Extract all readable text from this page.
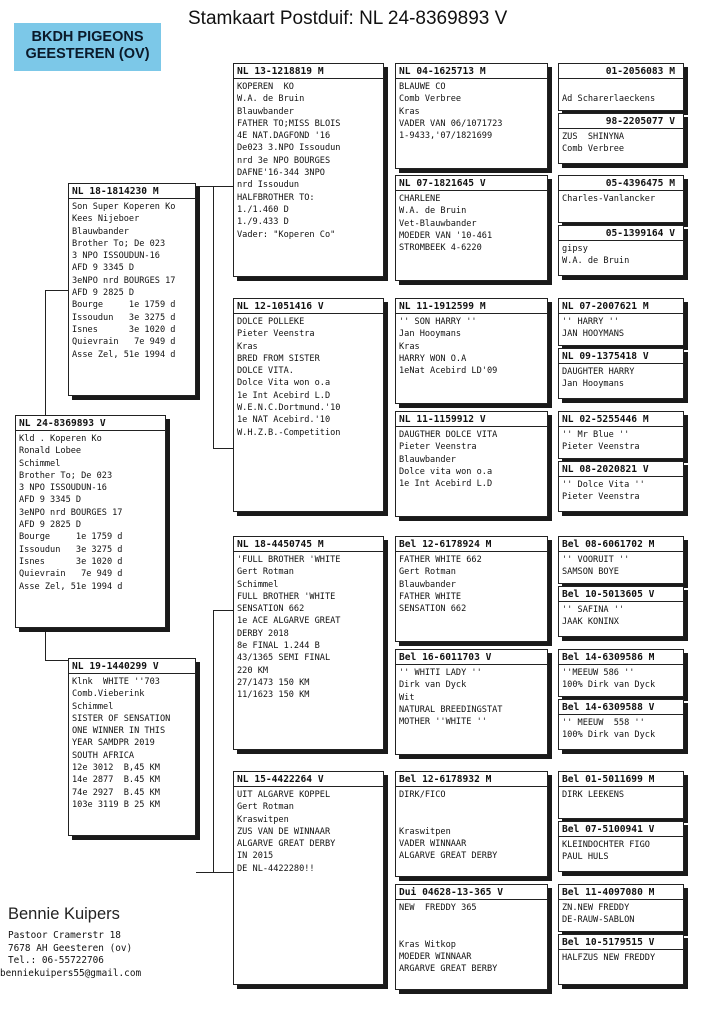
Stamkaart Postduif: NL 24-8369893 V
BKDH PIGEONS
GEESTEREN (OV)
NL 24-8369893 V
Kld . Koperen Ko
Ronald Lobee
Schimmel
Brother To; De 023
3 NPO ISSOUDUN-16
AFD 9 3345 D
3eNPO nrd BOURGES 17
AFD 9 2825 D
Bourge     1e 1759 d
Issoudun   3e 3275 d
Isnes      3e 1020 d
Quievrain   7e 949 d
Asse Zel, 51e 1994 d
NL 18-1814230 M
Son Super Koperen Ko
Kees Nijeboer
Blauwbander
Brother To; De 023
3 NPO ISSOUDUN-16
AFD 9 3345 D
3eNPO nrd BOURGES 17
AFD 9 2825 D
Bourge     1e 1759 d
Issoudun   3e 3275 d
Isnes      3e 1020 d
Quievrain   7e 949 d
Asse Zel, 51e 1994 d
NL 19-1440299 V
Klnk  WHITE ''703
Comb.Vieberink
Schimmel
SISTER OF SENSATION
ONE WINNER IN THIS
YEAR SAMDPR 2019
SOUTH AFRICA
12e 3012  B,45 KM
14e 2877  B.45 KM
74e 2927  B.45 KM
103e 3119 B 25 KM
NL 13-1218819 M
KOPEREN  KO
W.A. de Bruin
Blauwbander
FATHER TO;MISS BLOIS
4E NAT.DAGFOND '16
De023 3.NPO Issoudun
nrd 3e NPO BOURGES
DAFNE'16-344 3NPO
nrd Issoudun
HALFBROTHER TO:
1./1.460 D
1./9.433 D
Vader: "Koperen Co"
NL 12-1051416 V
DOLCE POLLEKE
Pieter Veenstra
Kras
BRED FROM SISTER
DOLCE VITA.
Dolce Vita won o.a
1e Int Acebird L.D
W.E.N.C.Dortmund.'10
1e NAT Acebird.'10
W.H.Z.B.-Competition
NL 18-4450745 M
'FULL BROTHER 'WHITE
Gert Rotman
Schimmel
FULL BROTHER 'WHITE
SENSATION 662
1e ACE ALGARVE GREAT
DERBY 2018
8e FINAL 1.244 B
43/1365 SEMI FINAL
220 KM
27/1473 150 KM
11/1623 150 KM
NL 15-4422264 V
UIT ALGARVE KOPPEL
Gert Rotman
Kraswitpen
ZUS VAN DE WINNAAR
ALGARVE GREAT DERBY
IN 2015
DE NL-4422280!!
NL 04-1625713 M
BLAUWE CO
Comb Verbree
Kras
VADER VAN 06/1071723
1-9433,'07/1821699
NL 07-1821645 V
CHARLENE
W.A. de Bruin
Vet-Blauwbander
MOEDER VAN '10-461
STROMBEEK 4-6220
NL 11-1912599 M
'' SON HARRY ''
Jan Hooymans
Kras
HARRY WON O.A
1eNat Acebird LD'09
NL 11-1159912 V
DAUGTHER DOLCE VITA
Pieter Veenstra
Blauwbander
Dolce vita won o.a
1e Int Acebird L.D
Bel 12-6178924 M
FATHER WHITE 662
Gert Rotman
Blauwbander
FATHER WHITE
SENSATION 662
Bel 16-6011703 V
'' WHITI LADY ''
Dirk van Dyck
Wit
NATURAL BREEDINGSTAT
MOTHER ''WHITE ''
Bel 12-6178932 M
DIRK/FICO

Kraswitpen
VADER WINNAAR
ALGARVE GREAT DERBY
Dui 04628-13-365 V
NEW  FREDDY 365

Kras Witkop
MOEDER WINNAAR
ARGARVE GREAT BERBY
01-2056083 M

Ad Scharerlaeckens
98-2205077 V
ZUS  SHINYNA
Comb Verbree
05-4396475 M
Charles-Vanlancker
05-1399164 V
gipsy
W.A. de Bruin
NL 07-2007621 M
'' HARRY ''
JAN HOOYMANS
NL 09-1375418 V
DAUGHTER HARRY
Jan Hooymans
NL 02-5255446 M
'' Mr Blue ''
Pieter Veenstra
NL 08-2020821 V
'' Dolce Vita ''
Pieter Veenstra
Bel 08-6061702 M
'' VOORUIT ''
SAMSON BOYE
Bel 10-5013605 V
'' SAFINA ''
JAAK KONINX
Bel 14-6309586 M
''MEEUW 586 ''
100% Dirk van Dyck
Bel 14-6309588 V
'' MEEUW  558 ''
100% Dirk van Dyck
Bel 01-5011699 M
DIRK LEEKENS
Bel 07-5100941 V
KLEINDOCHTER FIGO
PAUL HULS
Bel 11-4097080 M
ZN.NEW FREDDY
DE-RAUW-SABLON
Bel 10-5179515 V
HALFZUS NEW FREDDY
Bennie Kuipers
Pastoor Cramerstr 18
7678 AH Geesteren (ov)
Tel.: 06-55722706
benniekuipers55@gmail.com
